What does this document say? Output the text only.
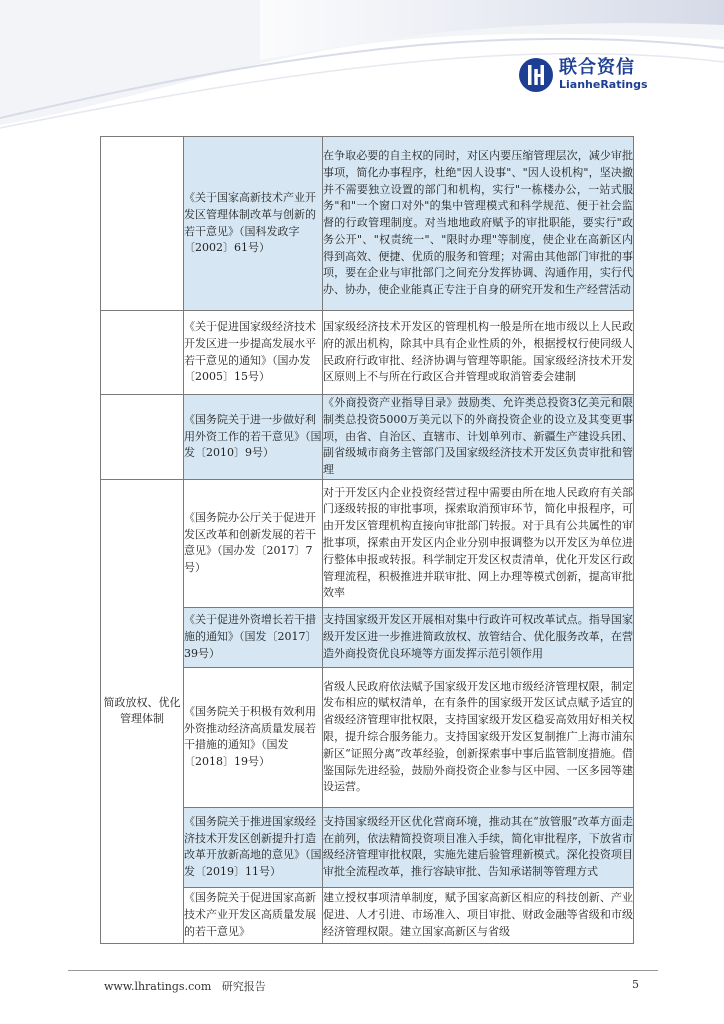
联合资信
LianheRatings
	《关于国家高新技术产业开发区管理体制改革与创新的若干意见》（国科发政字〔2002〕61号）	在争取必要的自主权的同时，对区内要压缩管理层次，减少审批事项，简化办事程序，杜绝"因人设事"、"因人设机构"，坚决撤并不需要独立设置的部门和机构，实行"一栋楼办公，一站式服务"和"一个窗口对外"的集中管理模式和科学规范、便于社会监督的行政管理制度。对当地地政府赋予的审批职能，要实行"政务公开"、"权责统一"、"限时办理"等制度，使企业在高新区内得到高效、便捷、优质的服务和管理；对需由其他部门审批的事项，要在企业与审批部门之间充分发挥协调、沟通作用，实行代办、协办，使企业能真正专注于自身的研究开发和生产经营活动
	《关于促进国家级经济技术开发区进一步提高发展水平若干意见的通知》（国办发〔2005〕15号）	国家级经济技术开发区的管理机构一般是所在地市级以上人民政府的派出机构，除其中具有企业性质的外，根据授权行使同级人民政府行政审批、经济协调与管理等职能。国家级经济技术开发区原则上不与所在行政区合并管理或取消管委会建制
	《国务院关于进一步做好利用外资工作的若干意见》（国发〔2010〕9号）	《外商投资产业指导目录》鼓励类、允许类总投资3亿美元和限制类总投资5000万美元以下的外商投资企业的设立及其变更事项，由省、自治区、直辖市、计划单列市、新疆生产建设兵团、副省级城市商务主管部门及国家级经济技术开发区负责审批和管理
简政放权、优化管理体制	《国务院办公厅关于促进开发区改革和创新发展的若干意见》（国办发〔2017〕7号）	对于开发区内企业投资经营过程中需要由所在地人民政府有关部门逐级转报的审批事项，探索取消预审环节，简化申报程序，可由开发区管理机构直接向审批部门转报。对于具有公共属性的审批事项，探索由开发区内企业分别申报调整为以开发区为单位进行整体申报或转报。科学制定开发区权责清单，优化开发区行政管理流程，积极推进并联审批、网上办理等模式创新，提高审批效率
	《关于促进外资增长若干措施的通知》（国发〔2017〕39号）	支持国家级开发区开展相对集中行政许可权改革试点。指导国家级开发区进一步推进简政放权、放管结合、优化服务改革，在营造外商投资优良环境等方面发挥示范引领作用
	《国务院关于积极有效利用外资推动经济高质量发展若干措施的通知》（国发〔2018〕19号）	省级人民政府依法赋予国家级开发区地市级经济管理权限，制定发布相应的赋权清单，在有条件的国家级开发区试点赋予适宜的省级经济管理审批权限，支持国家级开发区稳妥高效用好相关权限，提升综合服务能力。支持国家级开发区复制推广上海市浦东新区“证照分离”改革经验，创新探索事中事后监管制度措施。借鉴国际先进经验，鼓励外商投资企业参与区中园、一区多园等建设运营。
	《国务院关于推进国家级经济技术开发区创新提升打造改革开放新高地的意见》（国发〔2019〕11号）	支持国家级经开区优化营商环境，推动其在“放管服”改革方面走在前列，依法精简投资项目准入手续，简化审批程序，下放省市级经济管理审批权限，实施先建后验管理新模式。深化投资项目审批全流程改革，推行容缺审批、告知承诺制等管理方式
	《国务院关于促进国家高新技术产业开发区高质量发展的若干意见》	建立授权事项清单制度，赋予国家高新区相应的科技创新、产业促进、人才引进、市场准入、项目审批、财政金融等省级和市级经济管理权限。建立国家高新区与省级
www.lhratings.com 研究报告	5
